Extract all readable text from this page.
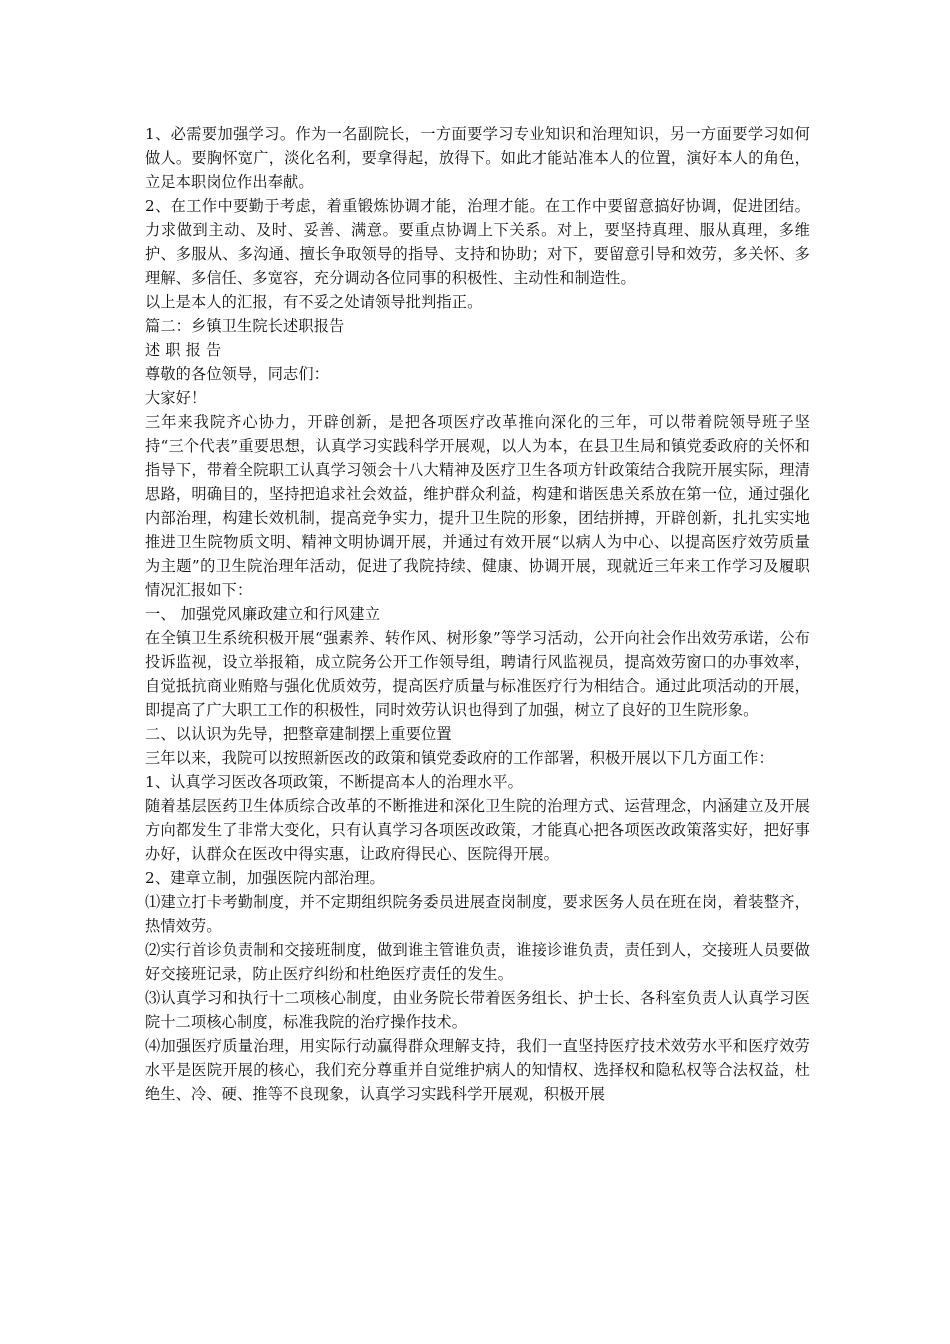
1、必需要加强学习。作为一名副院长，一方面要学习专业知识和治理知识，另一方面要学习如何做人。要胸怀宽广，淡化名利，要拿得起，放得下。如此才能站准本人的位置，演好本人的角色，立足本职岗位作出奉献。

2、在工作中要勤于考虑，着重锻炼协调才能，治理才能。在工作中要留意搞好协调，促进团结。力求做到主动、及时、妥善、满意。要重点协调上下关系。对上，要坚持真理、服从真理，多维护、多服从、多沟通、擅长争取领导的指导、支持和协助；对下，要留意引导和效劳，多关怀、多理解、多信任、多宽容，充分调动各位同事的积极性、主动性和制造性。

以上是本人的汇报，有不妥之处请领导批判指正。

篇二：乡镇卫生院长述职报告

述 职 报 告

尊敬的各位领导，同志们：

大家好！

三年来我院齐心协力，开辟创新，是把各项医疗改革推向深化的三年，可以带着院领导班子坚持“三个代表”重要思想，认真学习实践科学开展观，以人为本，在县卫生局和镇党委政府的关怀和指导下，带着全院职工认真学习领会十八大精神及医疗卫生各项方针政策结合我院开展实际，理清思路，明确目的，坚持把追求社会效益，维护群众利益，构建和谐医患关系放在第一位，通过强化内部治理，构建长效机制，提高竞争实力，提升卫生院的形象，团结拼搏，开辟创新，扎扎实实地推进卫生院物质文明、精神文明协调开展，并通过有效开展“以病人为中心、以提高医疗效劳质量为主题”的卫生院治理年活动，促进了我院持续、健康、协调开展，现就近三年来工作学习及履职情况汇报如下：

一、 加强党风廉政建立和行风建立

在全镇卫生系统积极开展“强素养、转作风、树形象”等学习活动，公开向社会作出效劳承诺，公布投诉监视，设立举报箱，成立院务公开工作领导组，聘请行风监视员，提高效劳窗口的办事效率，自觉抵抗商业贿赂与强化优质效劳，提高医疗质量与标准医疗行为相结合。通过此项活动的开展，即提高了广大职工工作的积极性，同时效劳认识也得到了加强，树立了良好的卫生院形象。

二、以认识为先导，把整章建制摆上重要位置

三年以来，我院可以按照新医改的政策和镇党委政府的工作部署，积极开展以下几方面工作：

1、认真学习医改各项政策，不断提高本人的治理水平。

随着基层医药卫生体质综合改革的不断推进和深化卫生院的治理方式、运营理念，内涵建立及开展方向都发生了非常大变化，只有认真学习各项医改政策，才能真心把各项医改政策落实好，把好事办好，认群众在医改中得实惠，让政府得民心、医院得开展。

2、建章立制，加强医院内部治理。

⑴建立打卡考勤制度，并不定期组织院务委员进展查岗制度，要求医务人员在班在岗，着装整齐，热情效劳。

⑵实行首诊负责制和交接班制度，做到谁主管谁负责，谁接诊谁负责，责任到人，交接班人员要做好交接班记录，防止医疗纠纷和杜绝医疗责任的发生。

⑶认真学习和执行十二项核心制度，由业务院长带着医务组长、护士长、各科室负责人认真学习医院十二项核心制度，标准我院的治疗操作技术。

⑷加强医疗质量治理，用实际行动赢得群众理解支持，我们一直坚持医疗技术效劳水平和医疗效劳水平是医院开展的核心，我们充分尊重并自觉维护病人的知情权、选择权和隐私权等合法权益，杜绝生、冷、硬、推等不良现象，认真学习实践科学开展观，积极开展
